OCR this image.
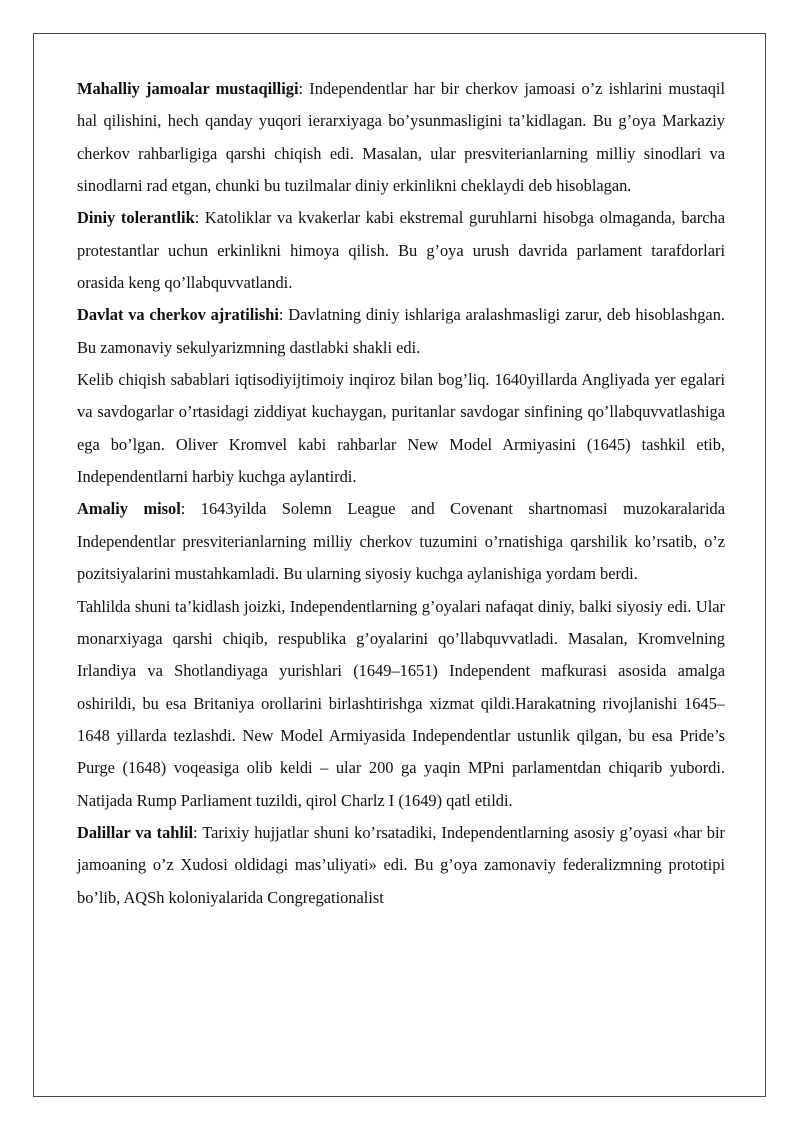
Mahalliy jamoalar mustaqilligi: Independentlar har bir cherkov jamoasi o’z ishlarini mustaqil hal qilishini, hech qanday yuqori ierarxiyaga bo’ysunmasligini ta’kidlagan. Bu g’oya Markaziy cherkov rahbarligiga qarshi chiqish edi. Masalan, ular presviterianlarning milliy sinodlari va sinodlarni rad etgan, chunki bu tuzilmalar diniy erkinlikni cheklaydi deb hisoblagan.

Diniy tolerantlik: Katoliklar va kvakerlar kabi ekstremal guruhlarni hisobga olmaganda, barcha protestantlar uchun erkinlikni himoya qilish. Bu g’oya urush davrida parlament tarafdorlari orasida keng qo’llabquvvatlandi.

Davlat va cherkov ajratilishi: Davlatning diniy ishlariga aralashmasligi zarur, deb hisoblashgan. Bu zamonaviy sekulyarizmning dastlabki shakli edi.

Kelib chiqish sabablari iqtisodiyijtimoiy inqiroz bilan bog’liq. 1640yillarda Angliyada yer egalari va savdogarlar o’rtasidagi ziddiyat kuchaygan, puritanlar savdogar sinfining qo’llabquvvatlashiga ega bo’lgan. Oliver Kromvel kabi rahbarlar New Model Armiyasini (1645) tashkil etib, Independentlarni harbiy kuchga aylantirdi.

Amaliy misol: 1643yilda Solemn League and Covenant shartnomasi muzokaralarida Independentlar presviterianlarning milliy cherkov tuzumini o’rnatishiga qarshilik ko’rsatib, o’z pozitsiyalarini mustahkamladi. Bu ularning siyosiy kuchga aylanishiga yordam berdi.

Tahlilda shuni ta’kidlash joizki, Independentlarning g’oyalari nafaqat diniy, balki siyosiy edi. Ular monarxiyaga qarshi chiqib, respublika g’oyalarini qo’llabquvvatladi. Masalan, Kromvelning Irlandiya va Shotlandiyaga yurishlari (1649–1651) Independent mafkurasi asosida amalga oshirildi, bu esa Britaniya orollarini birlashtirishga xizmat qildi.Harakatning rivojlanishi 1645–1648 yillarda tezlashdi. New Model Armiyasida Independentlar ustunlik qilgan, bu esa Pride’s Purge (1648) voqeasiga olib keldi – ular 200 ga yaqin MPni parlamentdan chiqarib yubordi. Natijada Rump Parliament tuzildi, qirol Charlz I (1649) qatl etildi.

Dalillar va tahlil: Tarixiy hujjatlar shuni ko’rsatadiki, Independentlarning asosiy g’oyasi «har bir jamoaning o’z Xudosi oldidagi mas’uliyati» edi. Bu g’oya zamonaviy federalizmning prototipi bo’lib, AQSh koloniyalarida Congregationalist
